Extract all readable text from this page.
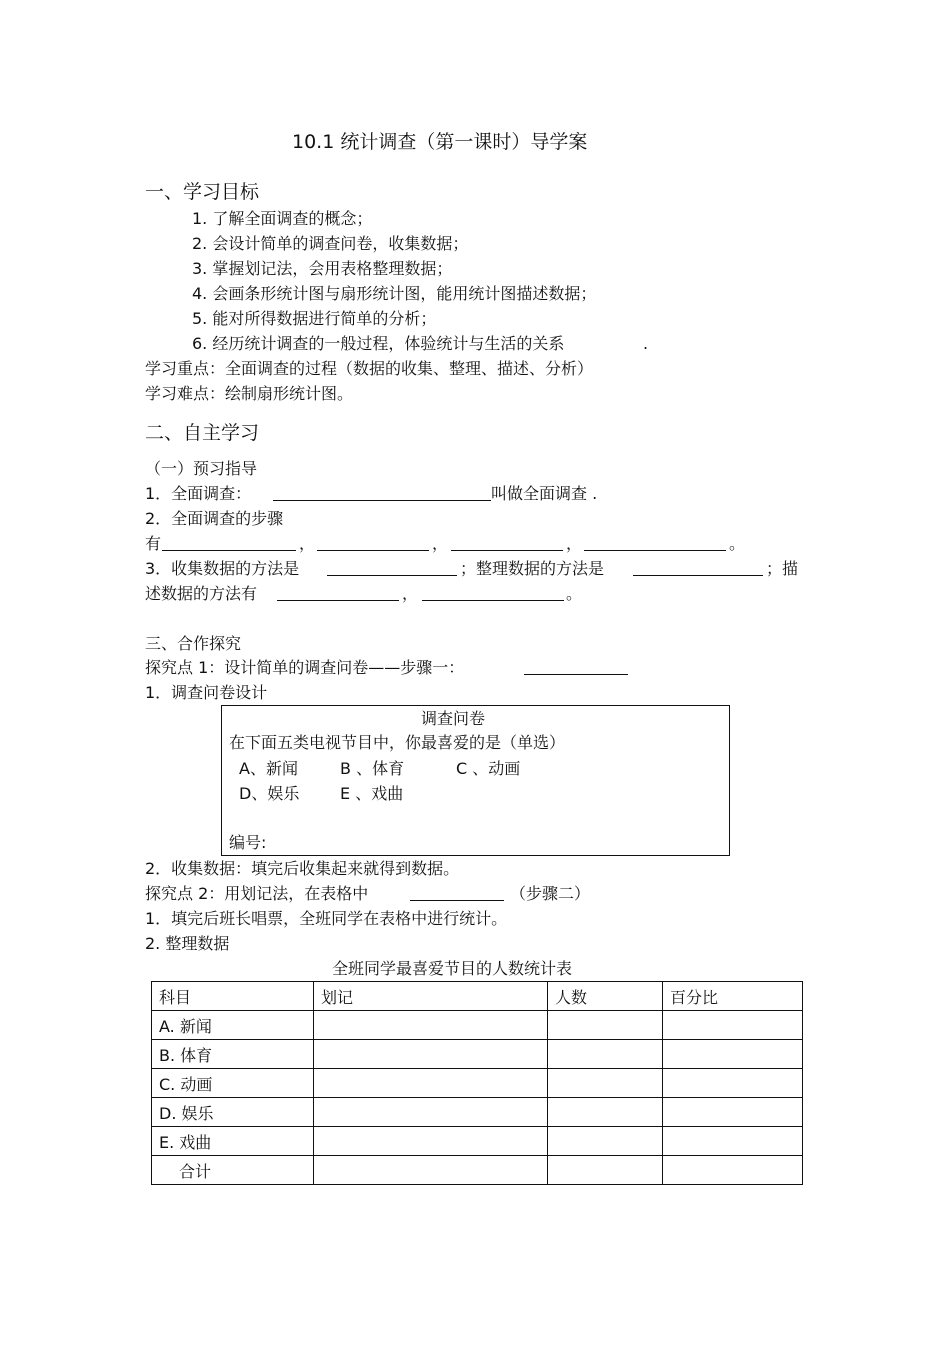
10.1 统计调查（第一课时）导学案
一、学习目标
1. 了解全面调查的概念；
2. 会设计简单的调查问卷，收集数据；
3. 掌握划记法，会用表格整理数据；
4. 会画条形统计图与扇形统计图，能用统计图描述数据；
5. 能对所得数据进行简单的分析；
6. 经历统计调查的一般过程，体验统计与生活的关系	.
学习重点：全面调查的过程（数据的收集、整理、描述、分析）
学习难点：绘制扇形统计图。
二、自主学习
（一）预习指导
1．全面调查：	叫做全面调查 .
2．全面调查的步骤
有	，	，	，	。
3．收集数据的方法是	；整理数据的方法是	；描
述数据的方法有	，	。
三、合作探究
探究点 1：设计简单的调查问卷——步骤一：
1．调查问卷设计
调查问卷
在下面五类电视节目中，你最喜爱的是（单选）
A、新闻	B 、体育	C 、动画
D、娱乐	E 、戏曲
编号:
2．收集数据：填完后收集起来就得到数据。
探究点 2：用划记法，在表格中	（步骤二）
1．填完后班长唱票，全班同学在表格中进行统计。
2. 整理数据
全班同学最喜爱节目的人数统计表
科目	划记	人数	百分比
A. 新闻			
B. 体育			
C. 动画			
D. 娱乐			
E. 戏曲			
合计			
